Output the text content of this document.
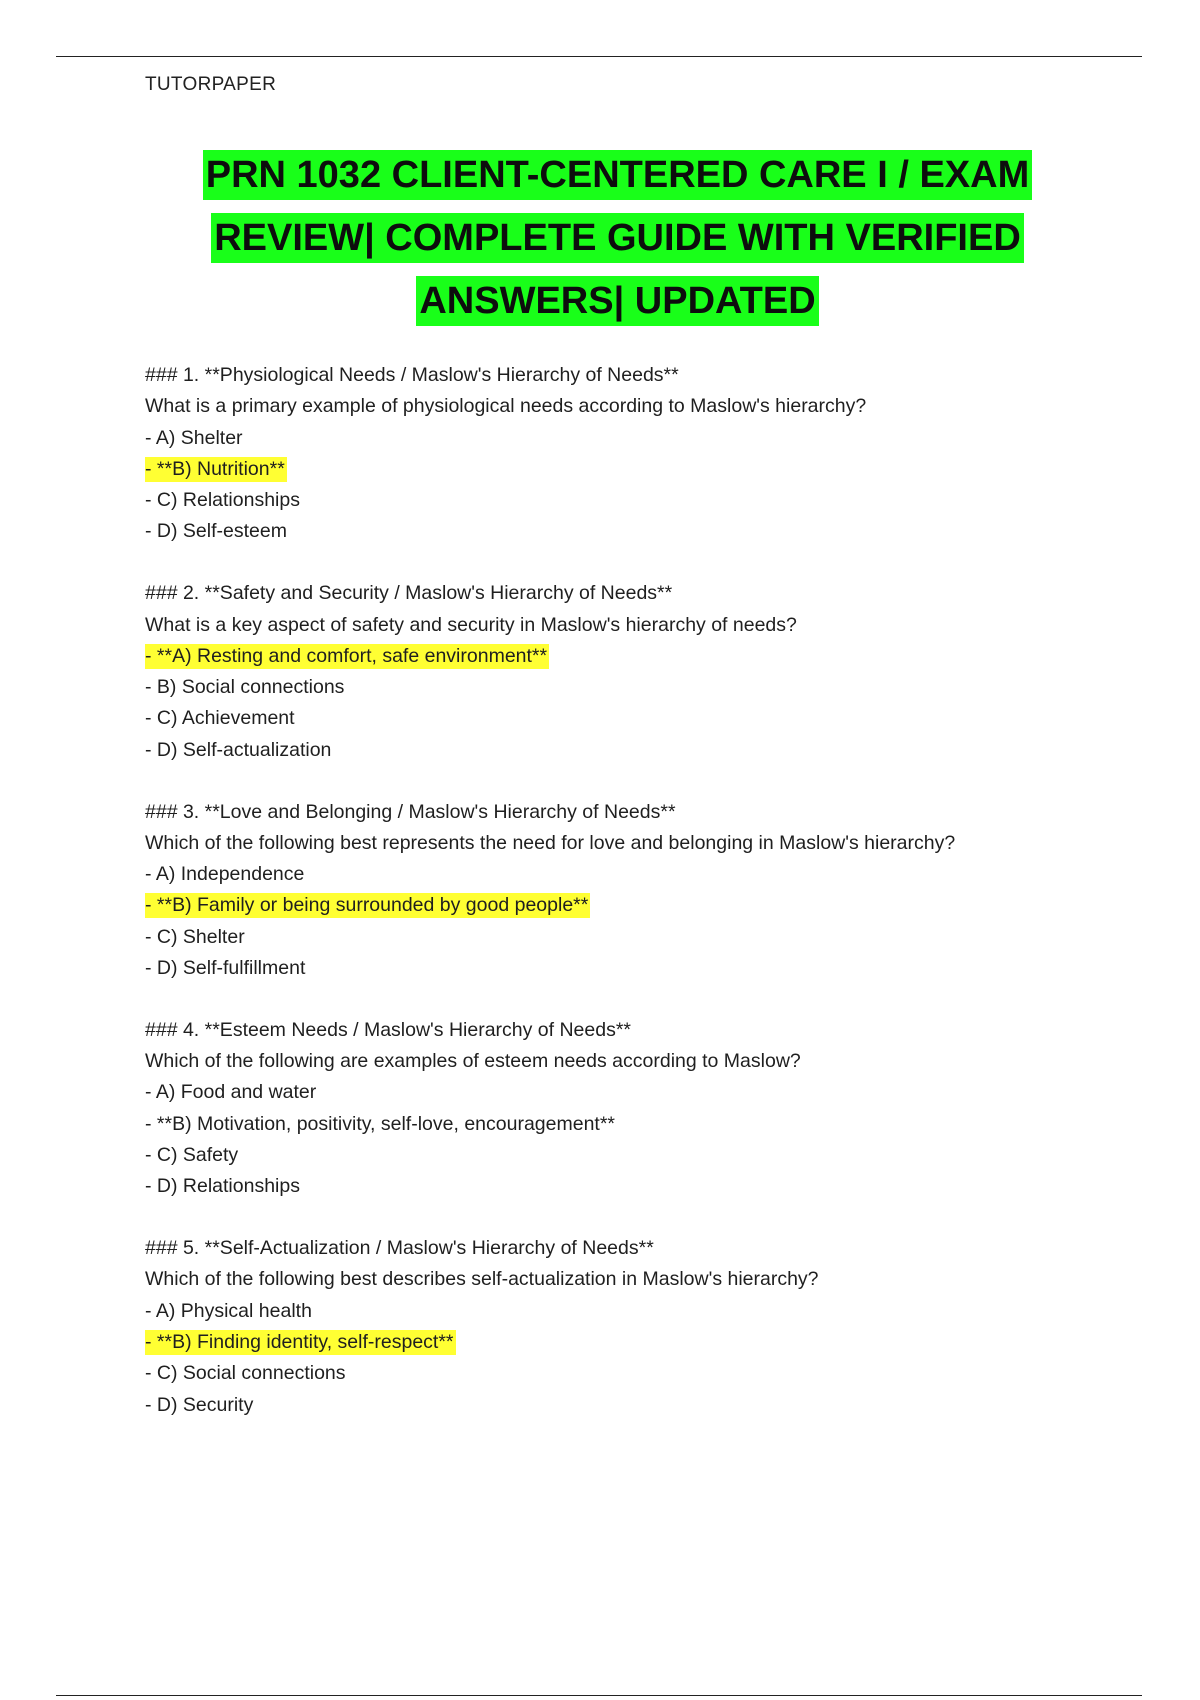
TUTORPAPER
PRN 1032 CLIENT-CENTERED CARE I / EXAM
REVIEW| COMPLETE GUIDE WITH VERIFIED
ANSWERS| UPDATED
### 1. **Physiological Needs / Maslow's Hierarchy of Needs**
What is a primary example of physiological needs according to Maslow's hierarchy?
- A) Shelter
- **B) Nutrition**
- C) Relationships
- D) Self-esteem
### 2. **Safety and Security / Maslow's Hierarchy of Needs**
What is a key aspect of safety and security in Maslow's hierarchy of needs?
- **A) Resting and comfort, safe environment**
- B) Social connections
- C) Achievement
- D) Self-actualization
### 3. **Love and Belonging / Maslow's Hierarchy of Needs**
Which of the following best represents the need for love and belonging in Maslow's hierarchy?
- A) Independence
- **B) Family or being surrounded by good people**
- C) Shelter
- D) Self-fulfillment
### 4. **Esteem Needs / Maslow's Hierarchy of Needs**
Which of the following are examples of esteem needs according to Maslow?
- A) Food and water
- **B) Motivation, positivity, self-love, encouragement**
- C) Safety
- D) Relationships
### 5. **Self-Actualization / Maslow's Hierarchy of Needs**
Which of the following best describes self-actualization in Maslow's hierarchy?
- A) Physical health
- **B) Finding identity, self-respect**
- C) Social connections
- D) Security
